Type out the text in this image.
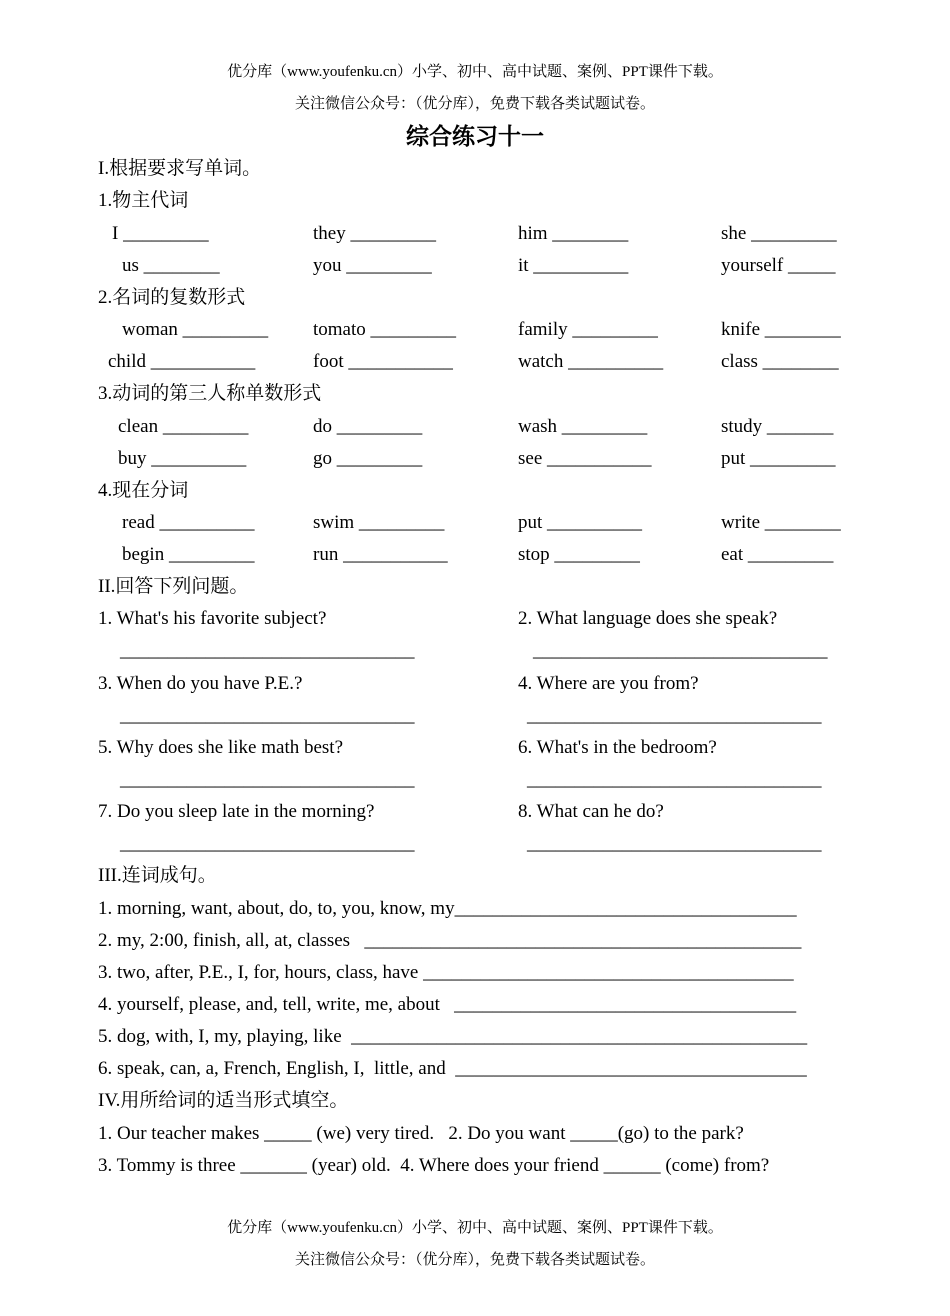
优分库（www.youfenku.cn）小学、初中、高中试题、案例、PPT课件下载。
关注微信公众号：（优分库），免费下载各类试题试卷。
综合练习十一
I.根据要求写单词。
1.物主代词
I _________	they _________	him ________	she _________
us ________	you _________	it __________	yourself _____
2.名词的复数形式
woman _________ tomato _________	family _________	knife ________
child ___________	foot ___________	watch __________	class ________
3.动词的第三人称单数形式
clean _________	do _________	wash _________	study _______
buy __________	go _________	see ___________	put _________
4.现在分词
read __________	swim _________	put __________	write ________
begin _________	run ___________	stop _________	eat _________
II.回答下列问题。
1. What's his favorite subject?	2. What language does she speak?
_______________________________	_______________________________
3. When do you have P.E.?	4. Where are you from?
_______________________________	_______________________________
5. Why does she like math best?	6. What's in the bedroom?
_______________________________	_______________________________
7. Do you sleep late in the morning?	8. What can he do?
_______________________________	_______________________________
III.连词成句。
1. morning, want, about, do, to, you, know, my____________________________________
2. my, 2:00, finish, all, at, classes   ______________________________________________
3. two, after, P.E., I, for, hours, class, have _______________________________________
4. yourself, please, and, tell, write, me, about   ____________________________________
5. dog, with, I, my, playing, like  ________________________________________________
6. speak, can, a, French, English, I,  little, and  _____________________________________
IV.用所给词的适当形式填空。
1. Our teacher makes _____ (we) very tired.   2. Do you want _____(go) to the park?
3. Tommy is three _______ (year) old.  4. Where does your friend ______ (come) from?
优分库（www.youfenku.cn）小学、初中、高中试题、案例、PPT课件下载。
关注微信公众号：（优分库），免费下载各类试题试卷。
